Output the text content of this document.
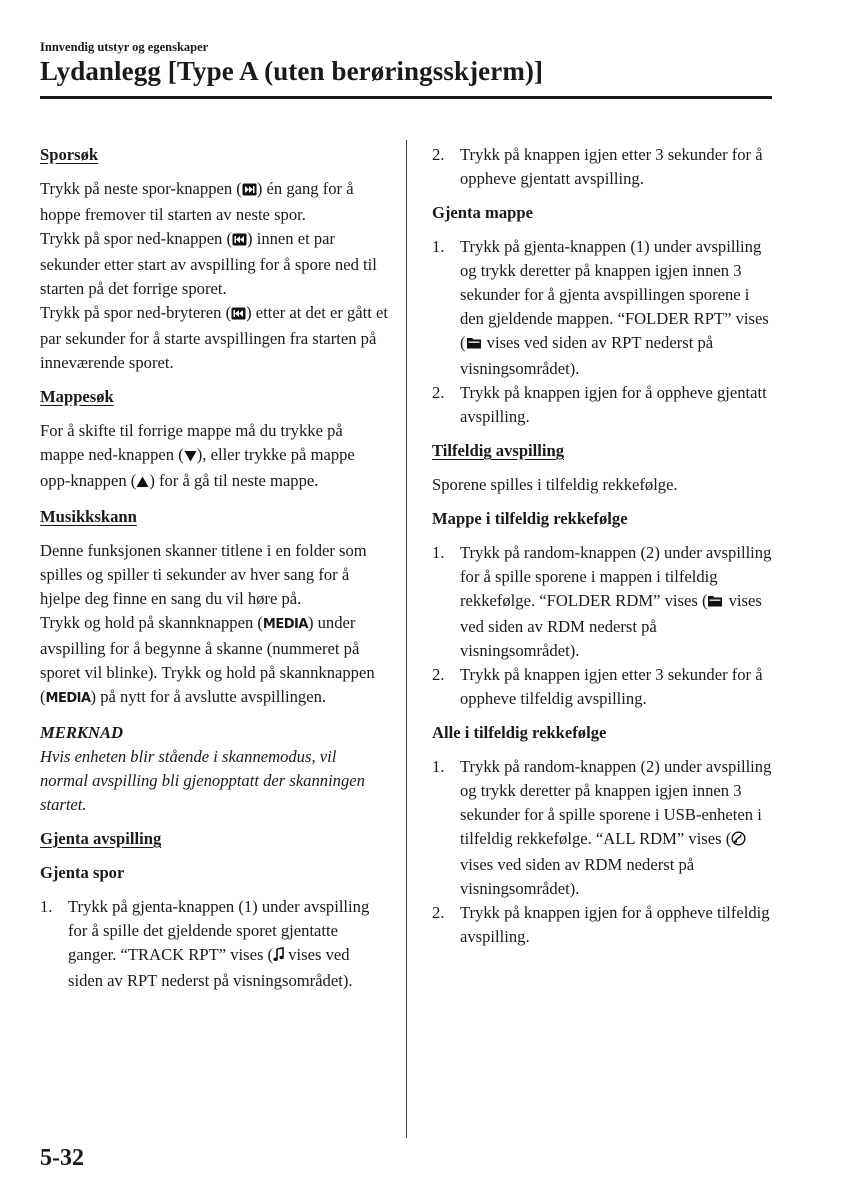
Innvendig utstyr og egenskaper
Lydanlegg [Type A (uten berøringsskjerm)]
Sporsøk

Trykk på neste spor-knappen ( ) én gang for å hoppe fremover til starten av neste spor.

Trykk på spor ned-knappen ( ) innen et par sekunder etter start av avspilling for å spore ned til starten på det forrige sporet.

Trykk på spor ned-bryteren ( ) etter at det er gått et par sekunder for å starte avspillingen fra starten på inneværende sporet.

Mappesøk

For å skifte til forrige mappe må du trykke på mappe ned-knappen ( ), eller trykke på mappe opp-knappen ( ) for å gå til neste mappe.

Musikkskann

Denne funksjonen skanner titlene i en folder som spilles og spiller ti sekunder av hver sang for å hjelpe deg finne en sang du vil høre på.

Trykk og hold på skannknappen (MEDIA) under avspilling for å begynne å skanne (nummeret på sporet vil blinke). Trykk og hold på skannknappen (MEDIA) på nytt for å avslutte avspillingen.

MERKNAD

Hvis enheten blir stående i skannemodus, vil normal avspilling bli gjenopptatt der skanningen startet.

Gjenta avspilling
Gjenta spor
1. Trykk på gjenta-knappen (1) under avspilling for å spille det gjeldende sporet gjentatte ganger. “TRACK RPT” vises ( vises ved siden av RPT nederst på visningsområdet).
2. Trykk på knappen igjen etter 3 sekunder for å oppheve gjentatt avspilling.
Gjenta mappe
1. Trykk på gjenta-knappen (1) under avspilling og trykk deretter på knappen igjen innen 3 sekunder for å gjenta avspillingen sporene i den gjeldende mappen. “FOLDER RPT” vises ( vises ved siden av RPT nederst på visningsområdet).
2. Trykk på knappen igjen for å oppheve gjentatt avspilling.
Tilfeldig avspilling

Sporene spilles i tilfeldig rekkefølge.

Mappe i tilfeldig rekkefølge
1. Trykk på random-knappen (2) under avspilling for å spille sporene i mappen i tilfeldig rekkefølge. “FOLDER RDM” vises ( vises ved siden av RDM nederst på visningsområdet).
2. Trykk på knappen igjen etter 3 sekunder for å oppheve tilfeldig avspilling.
Alle i tilfeldig rekkefølge
1. Trykk på random-knappen (2) under avspilling og trykk deretter på knappen igjen innen 3 sekunder for å spille sporene i USB-enheten i tilfeldig rekkefølge. “ALL RDM” vises ( vises ved siden av RDM nederst på visningsområdet).
2. Trykk på knappen igjen for å oppheve tilfeldig avspilling.
5-32
